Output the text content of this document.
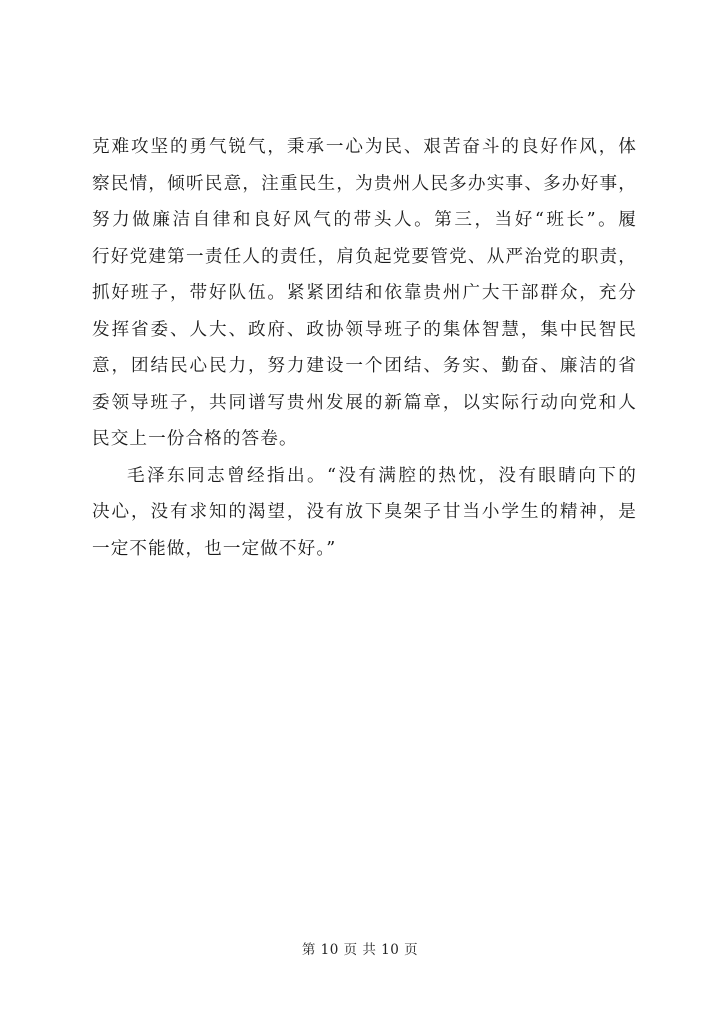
克难攻坚的勇气锐气，秉承一心为民、艰苦奋斗的良好作风，体
察民情，倾听民意，注重民生，为贵州人民多办实事、多办好事，
努力做廉洁自律和良好风气的带头人。第三，当好“班长”。履
行好党建第一责任人的责任，肩负起党要管党、从严治党的职责，
抓好班子，带好队伍。紧紧团结和依靠贵州广大干部群众，充分
发挥省委、人大、政府、政协领导班子的集体智慧，集中民智民
意，团结民心民力，努力建设一个团结、务实、勤奋、廉洁的省
委领导班子，共同谱写贵州发展的新篇章，以实际行动向党和人
民交上一份合格的答卷。
毛泽东同志曾经指出。“没有满腔的热忱，没有眼睛向下的
决心，没有求知的渴望，没有放下臭架子甘当小学生的精神，是
一定不能做，也一定做不好。”
第 10 页 共 10 页
